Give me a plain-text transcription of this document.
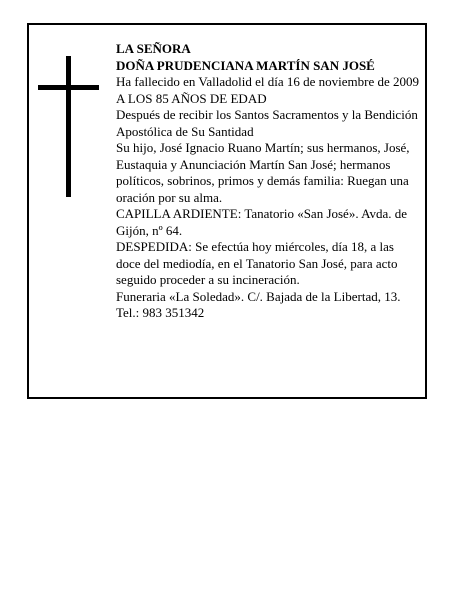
LA SEÑORA

DOÑA PRUDENCIANA MARTÍN SAN JOSÉ

Ha fallecido en Valladolid el día 16 de noviembre de 2009

A LOS 85 AÑOS DE EDAD

Después de recibir los Santos Sacramentos y la Bendición Apostólica de Su Santidad

Su hijo, José Ignacio Ruano Martín; sus hermanos, José, Eustaquia y Anunciación Martín San José; hermanos políticos, sobrinos, primos y demás familia: Ruegan una oración por su alma.

CAPILLA ARDIENTE: Tanatorio «San José». Avda. de Gijón, nº 64.

DESPEDIDA: Se efectúa hoy miércoles, día 18, a las doce del mediodía, en el Tanatorio San José, para acto seguido proceder a su incineración.

Funeraria «La Soledad». C/. Bajada de la Libertad, 13.

Tel.: 983 351342
